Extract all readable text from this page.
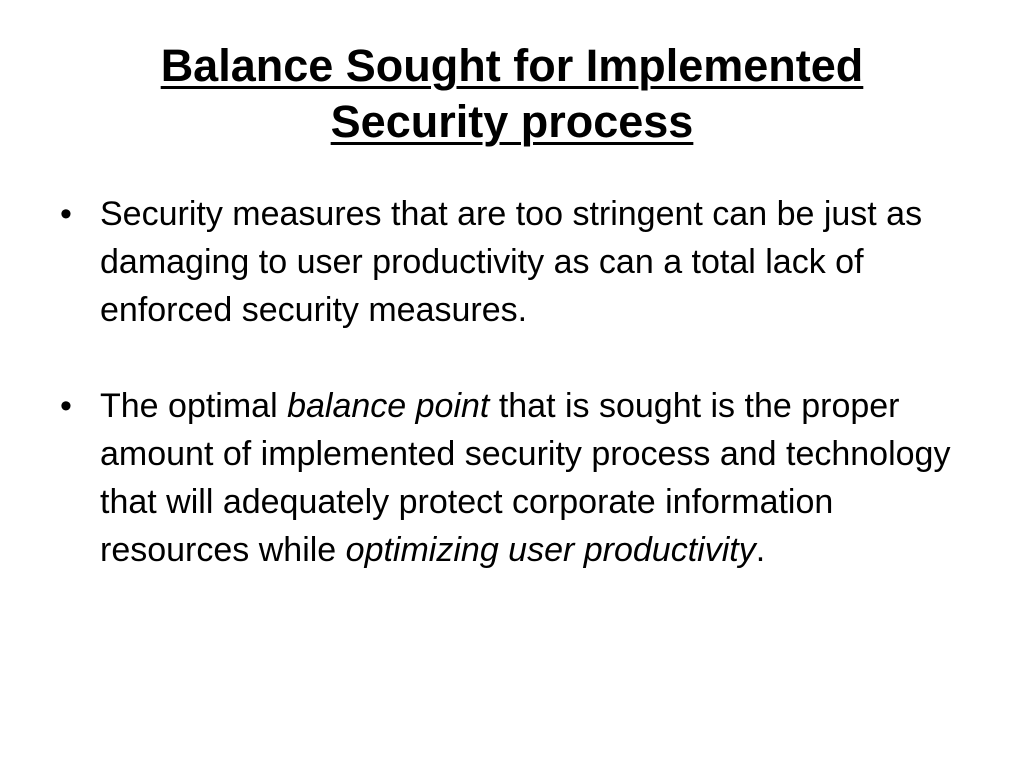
Balance Sought for Implemented
Security process
• Security measures that are too stringent can be just as damaging to user productivity as can a total lack of enforced security measures.
• The optimal balance point that is sought is the proper amount of implemented security process and technology that will adequately protect corporate information resources while optimizing user productivity.
